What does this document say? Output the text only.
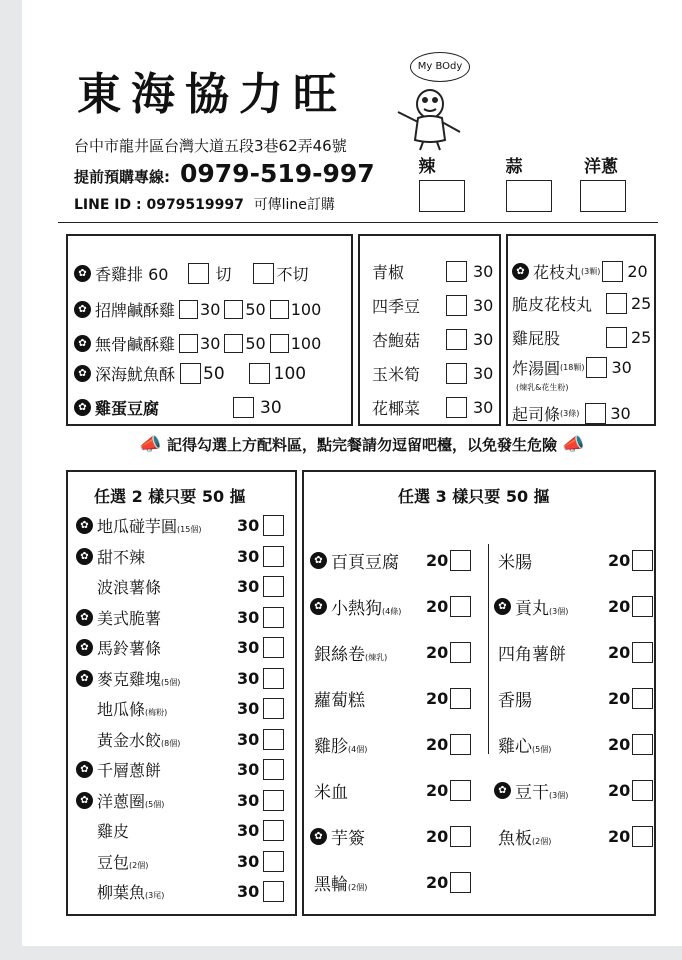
東海協力旺
My BOdy
台中市龍井區台灣大道五段3巷62弄46號
提前預購專線: 0979-519-997
LINE ID : 0979519997 可傳line訂購
辣	蒜	洋蔥
✿ 香雞排 60	切	不切
✿ 招牌鹹酥雞 30 50 100
✿ 無骨鹹酥雞 30 50 100
✿ 深海魷魚酥 50	100
✿ 雞蛋豆腐	30
青椒	30
四季豆	30
杏鮑菇	30
玉米筍	30
花椰菜	30
✿ 花枝丸 (3顆) 20
脆皮花枝丸	25
雞屁股	25
炸湯圓 (18顆) 30
(煉乳&花生粉)
起司條 (3條) 30
📣 記得勾選上方配料區，點完餐請勿逗留吧檯，以免發生危險 📣
任選 2 樣只要 50 摳
✿ 地瓜碰芋圓(15個)	30
✿ 甜不辣	30
波浪薯條	30
✿ 美式脆薯	30
✿ 馬鈴薯條	30
✿ 麥克雞塊(5個)	30
地瓜條(梅粉)	30
黃金水餃(8個)	30
✿ 千層蔥餅	30
✿ 洋蔥圈(5個)	30
雞皮	30
豆包(2個)	30
柳葉魚(3尾)	30
任選 3 樣只要 50 摳
✿ 百頁豆腐	20
✿ 小熱狗(4條)	20
銀絲卷(煉乳)	20
蘿蔔糕	20
雞胗(4個)	20
米血	20
✿ 芋簽	20
黑輪(2個)	20
米腸	20
✿ 貢丸(3個)	20
四角薯餅	20
香腸	20
雞心(5個)	20
✿ 豆干(3個)	20
魚板(2個)	20
